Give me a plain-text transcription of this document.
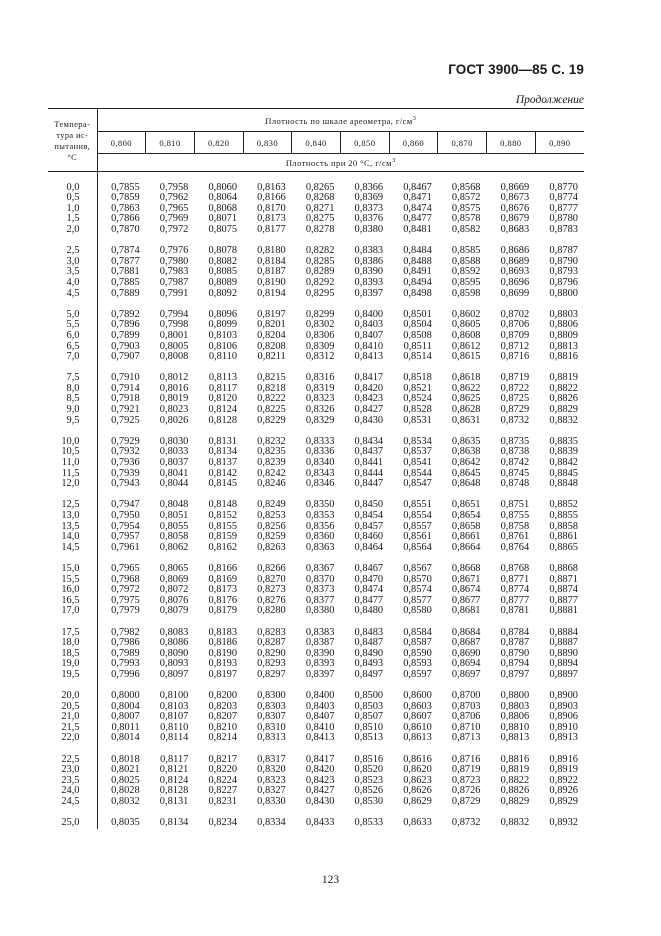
ГОСТ 3900—85 С. 19
Продолжение
Темпера-
тура ис-
пытания,
°С	Плотность по шкале ареометра, $г/см^3$
	0,800	0,810	0,820	0,830	0,840	0,850	0,860	0,870	0,880	0,890
	Плотность при 20 °С, $г/см^3$

0,0	0,7855	0,7958	0,8060	0,8163	0,8265	0,8366	0,8467	0,8568	0,8669	0,8770
0,5	0,7859	0,7962	0,8064	0,8166	0,8268	0,8369	0,8471	0,8572	0,8673	0,8774
1,0	0,7863	0,7965	0,8068	0,8170	0,8271	0,8373	0,8474	0,8575	0,8676	0,8777
1,5	0,7866	0,7969	0,8071	0,8173	0,8275	0,8376	0,8477	0,8578	0,8679	0,8780
2,0	0,7870	0,7972	0,8075	0,8177	0,8278	0,8380	0,8481	0,8582	0,8683	0,8783

2,5	0,7874	0,7976	0,8078	0,8180	0,8282	0,8383	0,8484	0,8585	0,8686	0,8787
3,0	0,7877	0,7980	0,8082	0,8184	0,8285	0,8386	0,8488	0,8588	0,8689	0,8790
3,5	0,7881	0,7983	0,8085	0,8187	0,8289	0,8390	0,8491	0,8592	0,8693	0,8793
4,0	0,7885	0,7987	0,8089	0,8190	0,8292	0,8393	0,8494	0,8595	0,8696	0,8796
4,5	0,7889	0,7991	0,8092	0,8194	0,8295	0,8397	0,8498	0,8598	0,8699	0,8800

5,0	0,7892	0,7994	0,8096	0,8197	0,8299	0,8400	0,8501	0,8602	0,8702	0,8803
5,5	0,7896	0,7998	0,8099	0,8201	0,8302	0,8403	0,8504	0,8605	0,8706	0,8806
6,0	0,7899	0,8001	0,8103	0,8204	0,8306	0,8407	0,8508	0,8608	0,8709	0,8809
6,5	0,7903	0,8005	0,8106	0,8208	0,8309	0,8410	0,8511	0,8612	0,8712	0,8813
7,0	0,7907	0,8008	0,8110	0,8211	0,8312	0,8413	0,8514	0,8615	0,8716	0,8816

7,5	0,7910	0,8012	0,8113	0,8215	0,8316	0,8417	0,8518	0,8618	0,8719	0,8819
8,0	0,7914	0,8016	0,8117	0,8218	0,8319	0,8420	0,8521	0,8622	0,8722	0,8822
8,5	0,7918	0,8019	0,8120	0,8222	0,8323	0,8423	0,8524	0,8625	0,8725	0,8826
9,0	0,7921	0,8023	0,8124	0,8225	0,8326	0,8427	0,8528	0,8628	0,8729	0,8829
9,5	0,7925	0,8026	0,8128	0,8229	0,8329	0,8430	0,8531	0,8631	0,8732	0,8832

10,0	0,7929	0,8030	0,8131	0,8232	0,8333	0,8434	0,8534	0,8635	0,8735	0,8835
10,5	0,7932	0,8033	0,8134	0,8235	0,8336	0,8437	0,8537	0,8638	0,8738	0,8839
11,0	0,7936	0,8037	0,8137	0,8239	0,8340	0,8441	0,8541	0,8642	0,8742	0,8842
11,5	0,7939	0,8041	0,8142	0,8242	0,8343	0,8444	0,8544	0,8645	0,8745	0,8845
12,0	0,7943	0,8044	0,8145	0,8246	0,8346	0,8447	0,8547	0,8648	0,8748	0,8848

12,5	0,7947	0,8048	0,8148	0,8249	0,8350	0,8450	0,8551	0,8651	0,8751	0,8852
13,0	0,7950	0,8051	0,8152	0,8253	0,8353	0,8454	0,8554	0,8654	0,8755	0,8855
13,5	0,7954	0,8055	0,8155	0,8256	0,8356	0,8457	0,8557	0,8658	0,8758	0,8858
14,0	0,7957	0,8058	0,8159	0,8259	0,8360	0,8460	0,8561	0,8661	0,8761	0,8861
14,5	0,7961	0,8062	0,8162	0,8263	0,8363	0,8464	0,8564	0,8664	0,8764	0,8865

15,0	0,7965	0,8065	0,8166	0,8266	0,8367	0,8467	0,8567	0,8668	0,8768	0,8868
15,5	0,7968	0,8069	0,8169	0,8270	0,8370	0,8470	0,8570	0,8671	0,8771	0,8871
16,0	0,7972	0,8072	0,8173	0,8273	0,8373	0,8474	0,8574	0,8674	0,8774	0,8874
16,5	0,7975	0,8076	0,8176	0,8276	0,8377	0,8477	0,8577	0,8677	0,8777	0,8877
17,0	0,7979	0,8079	0,8179	0,8280	0,8380	0,8480	0,8580	0,8681	0,8781	0,8881

17,5	0,7982	0,8083	0,8183	0,8283	0,8383	0,8483	0,8584	0,8684	0,8784	0,8884
18,0	0,7986	0,8086	0,8186	0,8287	0,8387	0,8487	0,8587	0,8687	0,8787	0,8887
18,5	0,7989	0,8090	0,8190	0,8290	0,8390	0,8490	0,8590	0,8690	0,8790	0,8890
19,0	0,7993	0,8093	0,8193	0,8293	0,8393	0,8493	0,8593	0,8694	0,8794	0,8894
19,5	0,7996	0,8097	0,8197	0,8297	0,8397	0,8497	0,8597	0,8697	0,8797	0,8897

20,0	0,8000	0,8100	0,8200	0,8300	0,8400	0,8500	0,8600	0,8700	0,8800	0,8900
20,5	0,8004	0,8103	0,8203	0,8303	0,8403	0,8503	0,8603	0,8703	0,8803	0,8903
21,0	0,8007	0,8107	0,8207	0,8307	0,8407	0,8507	0,8607	0,8706	0,8806	0,8906
21,5	0,8011	0,8110	0,8210	0,8310	0,8410	0,8510	0,8610	0,8710	0,8810	0,8910
22,0	0,8014	0,8114	0,8214	0,8313	0,8413	0,8513	0,8613	0,8713	0,8813	0,8913

22,5	0,8018	0,8117	0,8217	0,8317	0,8417	0,8516	0,8616	0,8716	0,8816	0,8916
23,0	0,8021	0,8121	0,8220	0,8320	0,8420	0,8520	0,8620	0,8719	0,8819	0,8919
23,5	0,8025	0,8124	0,8224	0,8323	0,8423	0,8523	0,8623	0,8723	0,8822	0,8922
24,0	0,8028	0,8128	0,8227	0,8327	0,8427	0,8526	0,8626	0,8726	0,8826	0,8926
24,5	0,8032	0,8131	0,8231	0,8330	0,8430	0,8530	0,8629	0,8729	0,8829	0,8929

25,0	0,8035	0,8134	0,8234	0,8334	0,8433	0,8533	0,8633	0,8732	0,8832	0,8932
123
